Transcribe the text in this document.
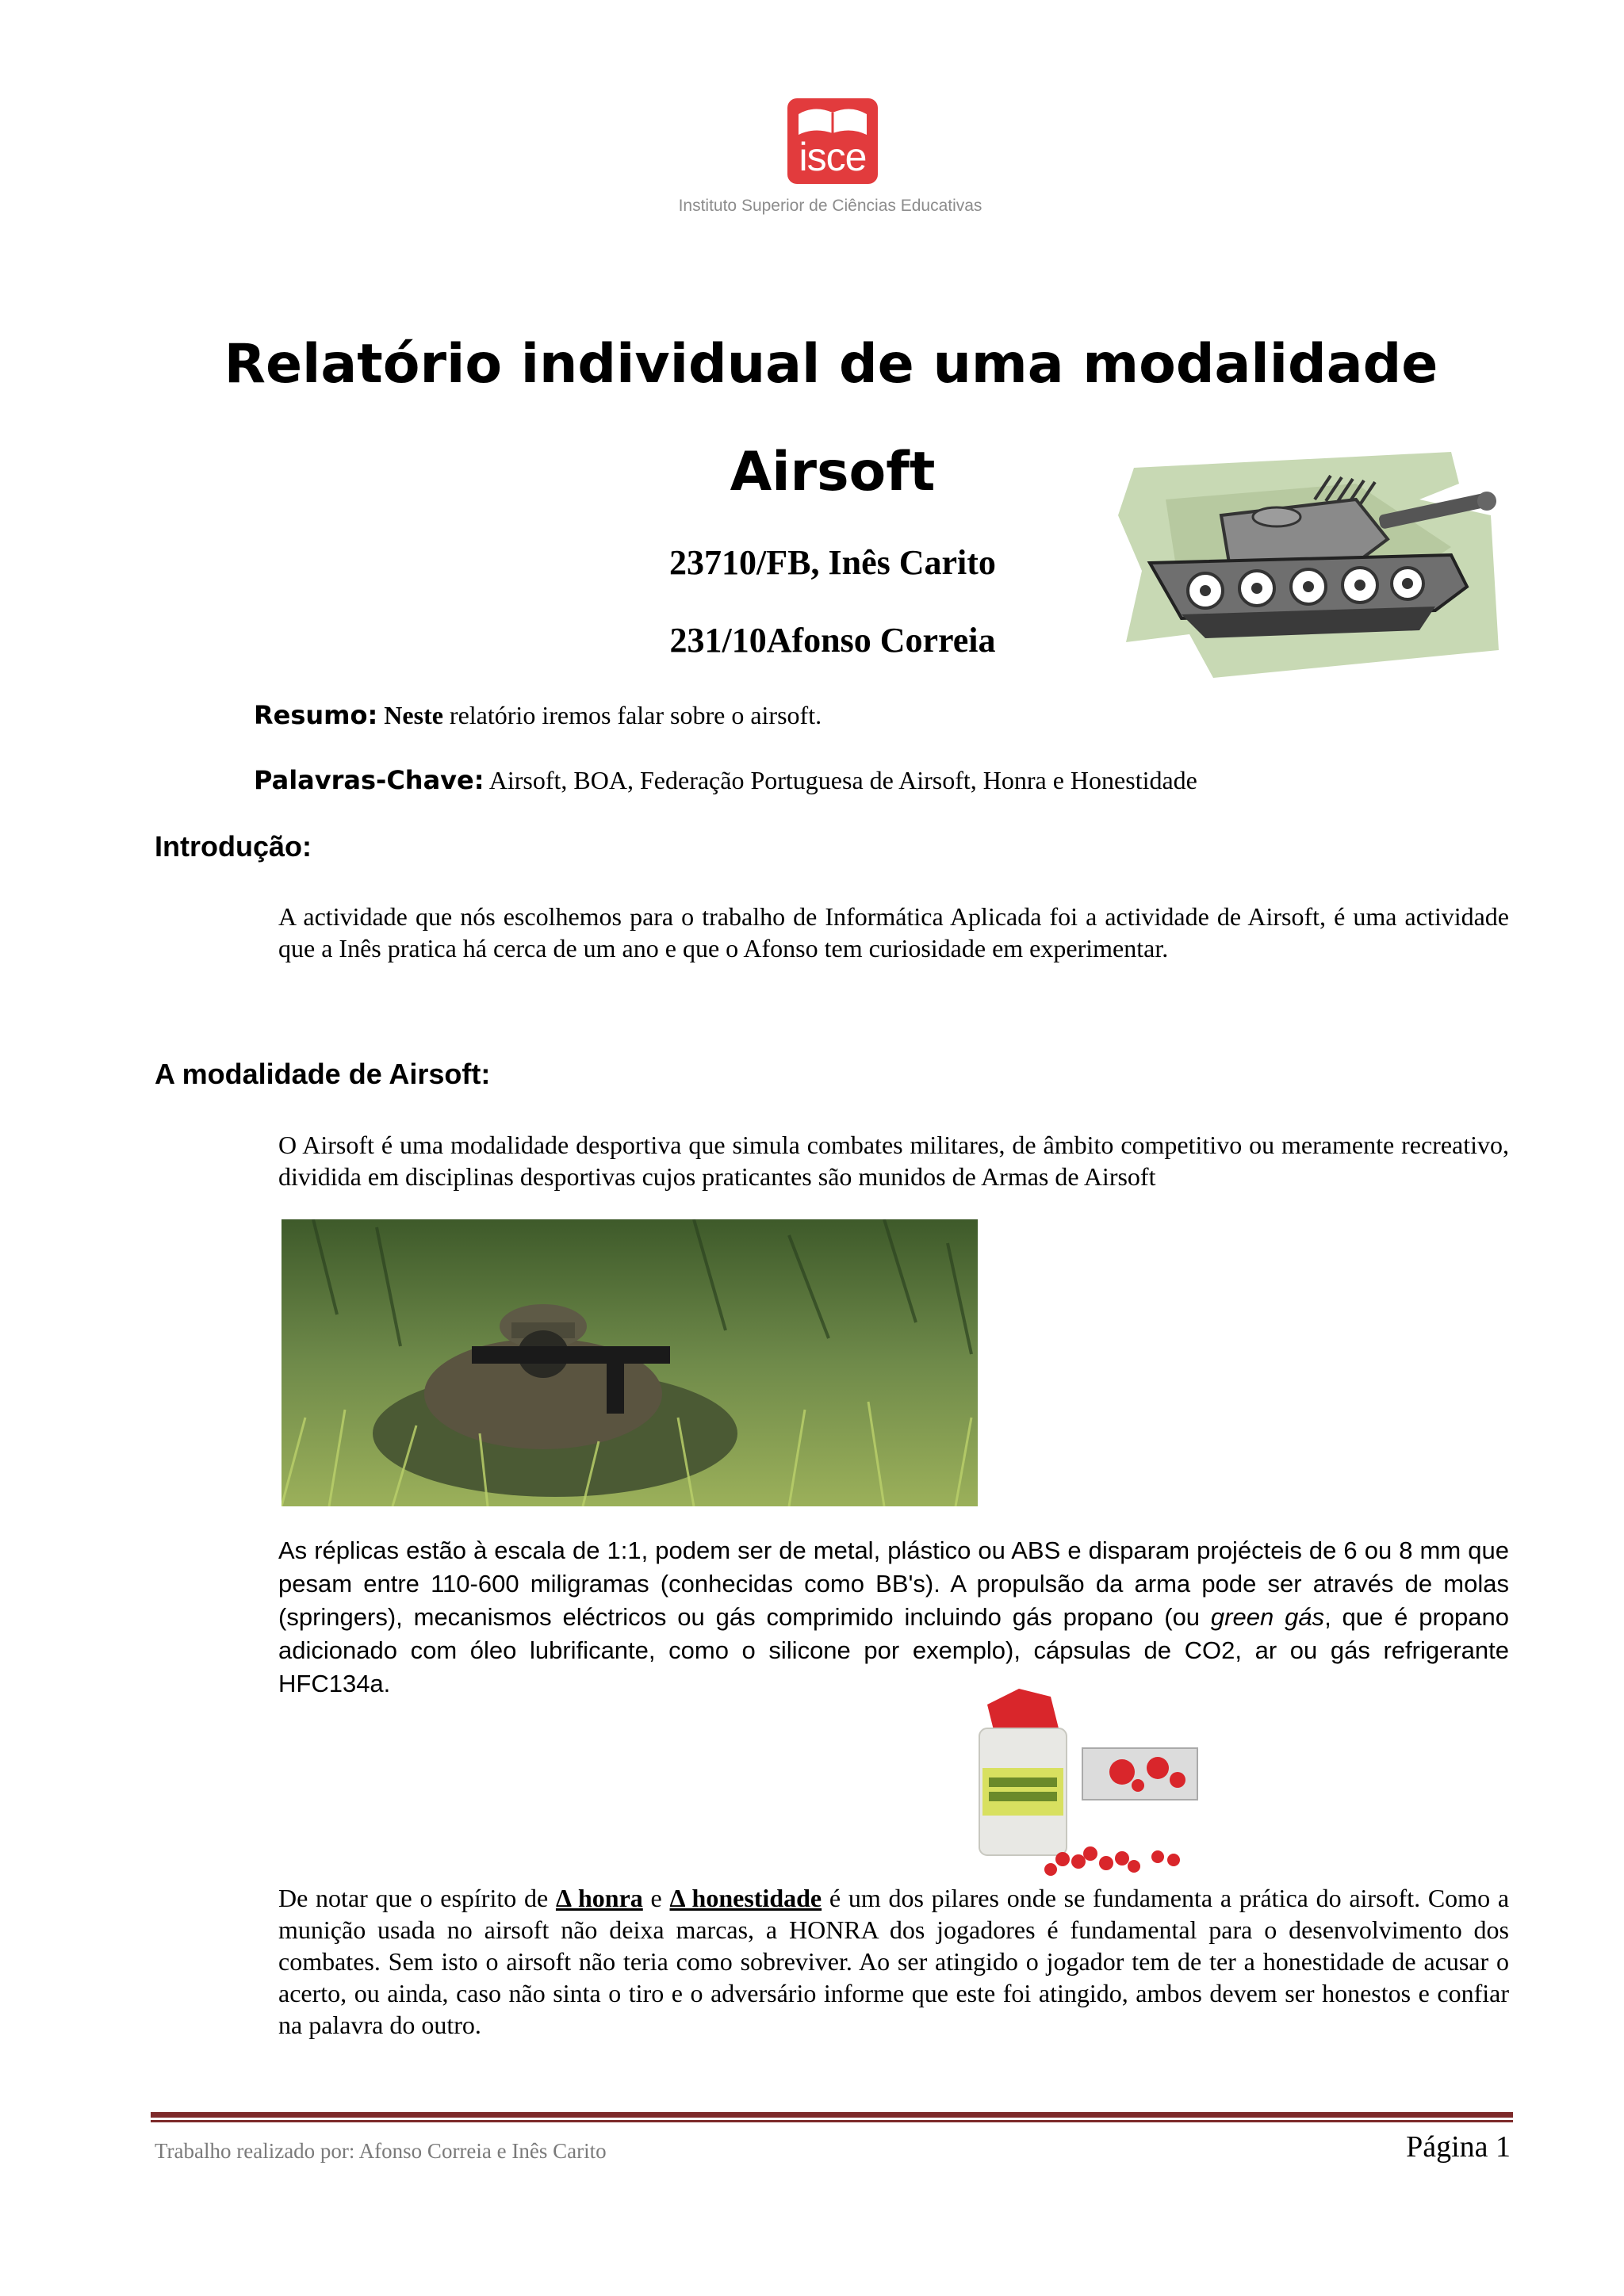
isce
Instituto Superior de Ciências Educativas
Relatório individual de uma modalidade
Airsoft
23710/FB, Inês Carito
231/10Afonso Correia
Resumo: Neste relatório iremos falar sobre o airsoft.
Palavras-Chave: Airsoft, BOA, Federação Portuguesa de Airsoft, Honra e Honestidade
Introdução:
A actividade que nós escolhemos para o trabalho de Informática Aplicada foi a actividade de Airsoft, é uma actividade que a Inês pratica há cerca de um ano e que o Afonso tem curiosidade em experimentar.
A modalidade de Airsoft:
O Airsoft é uma modalidade desportiva que simula combates militares, de âmbito competitivo ou meramente recreativo, dividida em disciplinas desportivas cujos praticantes são munidos de Armas de Airsoft
As réplicas estão à escala de 1:1, podem ser de metal, plástico ou ABS e disparam projécteis de 6 ou 8 mm que pesam entre 110-600 miligramas (conhecidas como BB's). A propulsão da arma pode ser através de molas (springers), mecanismos eléctricos ou gás comprimido incluindo gás propano (ou green gás, que é propano adicionado com óleo lubrificante, como o silicone por exemplo), cápsulas de CO2, ar ou gás refrigerante HFC134a.
De notar que o espírito de Δ honra e Δ honestidade é um dos pilares onde se fundamenta a prática do airsoft. Como a munição usada no airsoft não deixa marcas, a HONRA dos jogadores é fundamental para o desenvolvimento dos combates. Sem isto o airsoft não teria como sobreviver. Ao ser atingido o jogador tem de ter a honestidade de acusar o acerto, ou ainda, caso não sinta o tiro e o adversário informe que este foi atingido, ambos devem ser honestos e confiar na palavra do outro.
Trabalho realizado por: Afonso Correia e Inês Carito	Página 1
